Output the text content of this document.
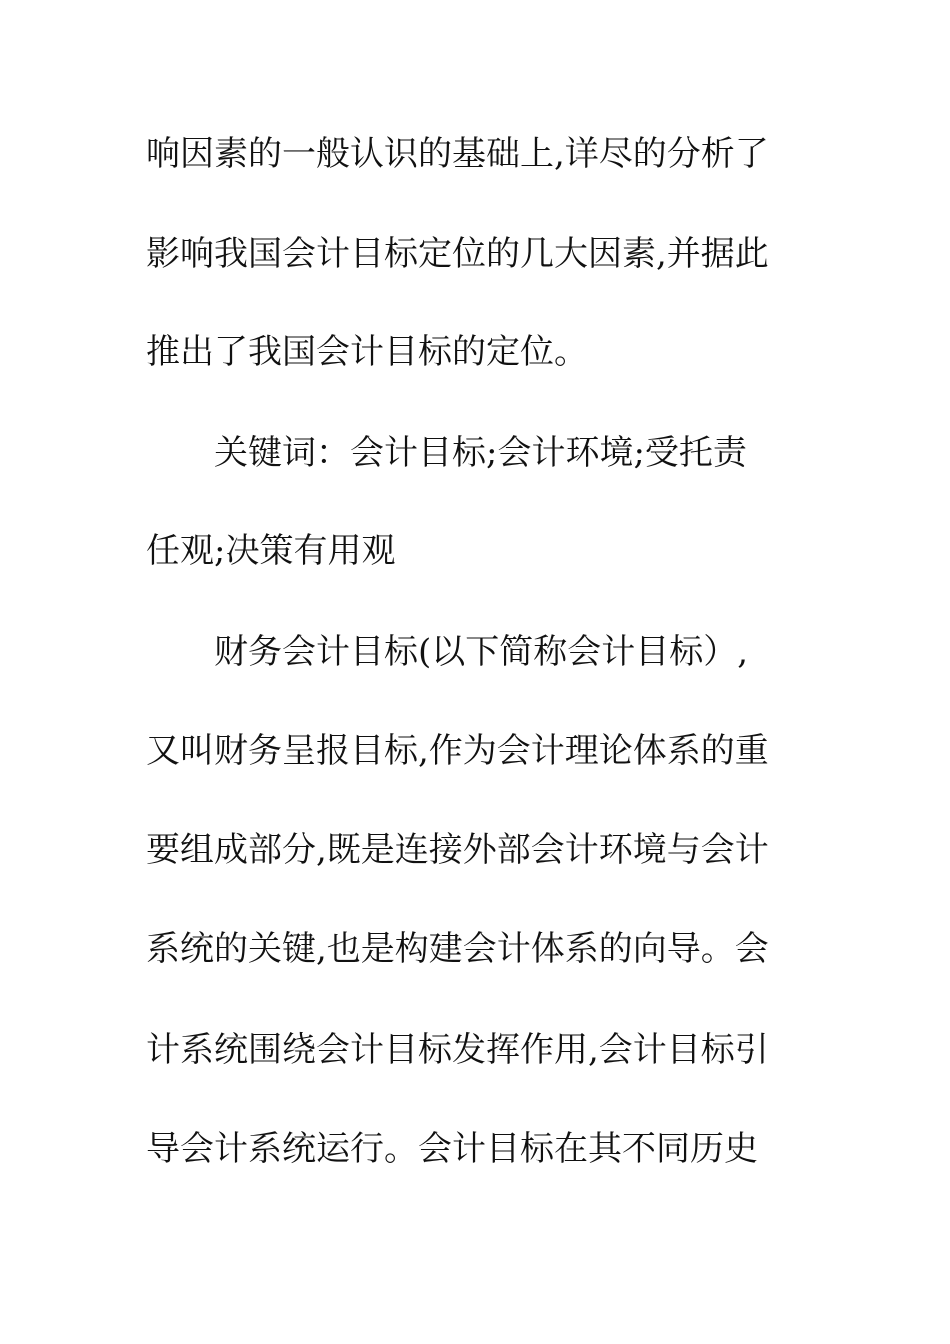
响因素的一般认识的基础上,详尽的分析了
影响我国会计目标定位的几大因素,并据此
推出了我国会计目标的定位。
关键词：会计目标;会计环境;受托责
任观;决策有用观
财务会计目标(以下简称会计目标）,
又叫财务呈报目标,作为会计理论体系的重
要组成部分,既是连接外部会计环境与会计
系统的关键,也是构建会计体系的向导。会
计系统围绕会计目标发挥作用,会计目标引
导会计系统运行。会计目标在其不同历史
